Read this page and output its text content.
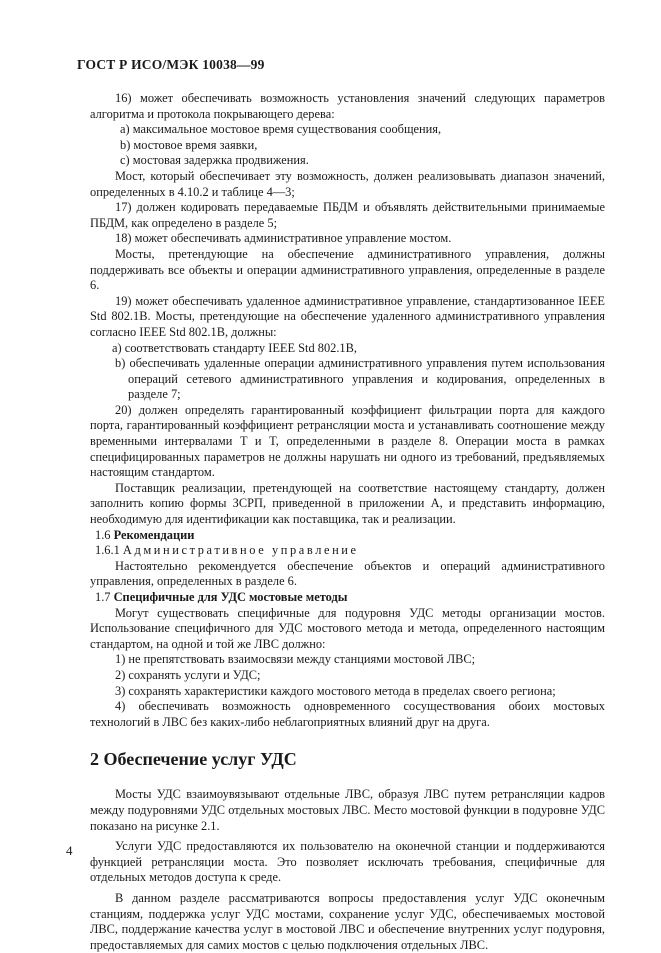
ГОСТ Р ИСО/МЭК 10038—99

16) может обеспечивать возможность установления значений следующих параметров алгоритма и протокола покрывающего дерева:

a) максимальное мостовое время существования сообщения,

b) мостовое время заявки,

c) мостовая задержка продвижения.

Мост, который обеспечивает эту возможность, должен реализовывать диапазон значений, определенных в 4.10.2 и таблице 4—3;

17) должен кодировать передаваемые ПБДМ и объявлять действительными принимаемые ПБДМ, как определено в разделе 5;

18) может обеспечивать административное управление мостом.

Мосты, претендующие на обеспечение административного управления, должны поддерживать все объекты и операции административного управления, определенные в разделе 6.

19) может обеспечивать удаленное административное управление, стандартизованное IEEE Std 802.1B. Мосты, претендующие на обеспечение удаленного административного управления согласно IEEE Std 802.1B, должны:

a) соответствовать стандарту IEEE Std 802.1B,

b) обеспечивать удаленные операции административного управления путем использования операций сетевого административного управления и кодирования, определенных в разделе 7;

20) должен определять гарантированный коэффициент фильтрации порта для каждого порта, гарантированный коэффициент ретрансляции моста и устанавливать соотношение между временными интервалами T и T, определенными в разделе 8. Операции моста в рамках специфицированных параметров не должны нарушать ни одного из требований, предъявляемых настоящим стандартом.

Поставщик реализации, претендующей на соответствие настоящему стандарту, должен заполнить копию формы ЗСРП, приведенной в приложении А, и представить информацию, необходимую для идентификации как поставщика, так и реализации.

1.6 Рекомендации

1.6.1 Административное управление

Настоятельно рекомендуется обеспечение объектов и операций административного управления, определенных в разделе 6.

1.7 Специфичные для УДС мостовые методы

Могут существовать специфичные для подуровня УДС методы организации мостов. Использование специфичного для УДС мостового метода и метода, определенного настоящим стандартом, на одной и той же ЛВС должно:

1) не препятствовать взаимосвязи между станциями мостовой ЛВС;

2) сохранять услуги и УДС;

3) сохранять характеристики каждого мостового метода в пределах своего региона;

4) обеспечивать возможность одновременного сосуществования обоих мостовых технологий в ЛВС без каких-либо неблагоприятных влияний друг на друга.

2 Обеспечение услуг УДС

Мосты УДС взаимоувязывают отдельные ЛВС, образуя ЛВС путем ретрансляции кадров между подуровнями УДС отдельных мостовых ЛВС. Место мостовой функции в подуровне УДС показано на рисунке 2.1.

Услуги УДС предоставляются их пользователю на оконечной станции и поддерживаются функцией ретрансляции моста. Это позволяет исключать требования, специфичные для отдельных методов доступа к среде.

В данном разделе рассматриваются вопросы предоставления услуг УДС оконечным станциям, поддержка услуг УДС мостами, сохранение услуг УДС, обеспечиваемых мостовой ЛВС, поддержание качества услуг в мостовой ЛВС и обеспечение внутренних услуг подуровня, предоставляемых для самих мостов с целью подключения отдельных ЛВС.

4
